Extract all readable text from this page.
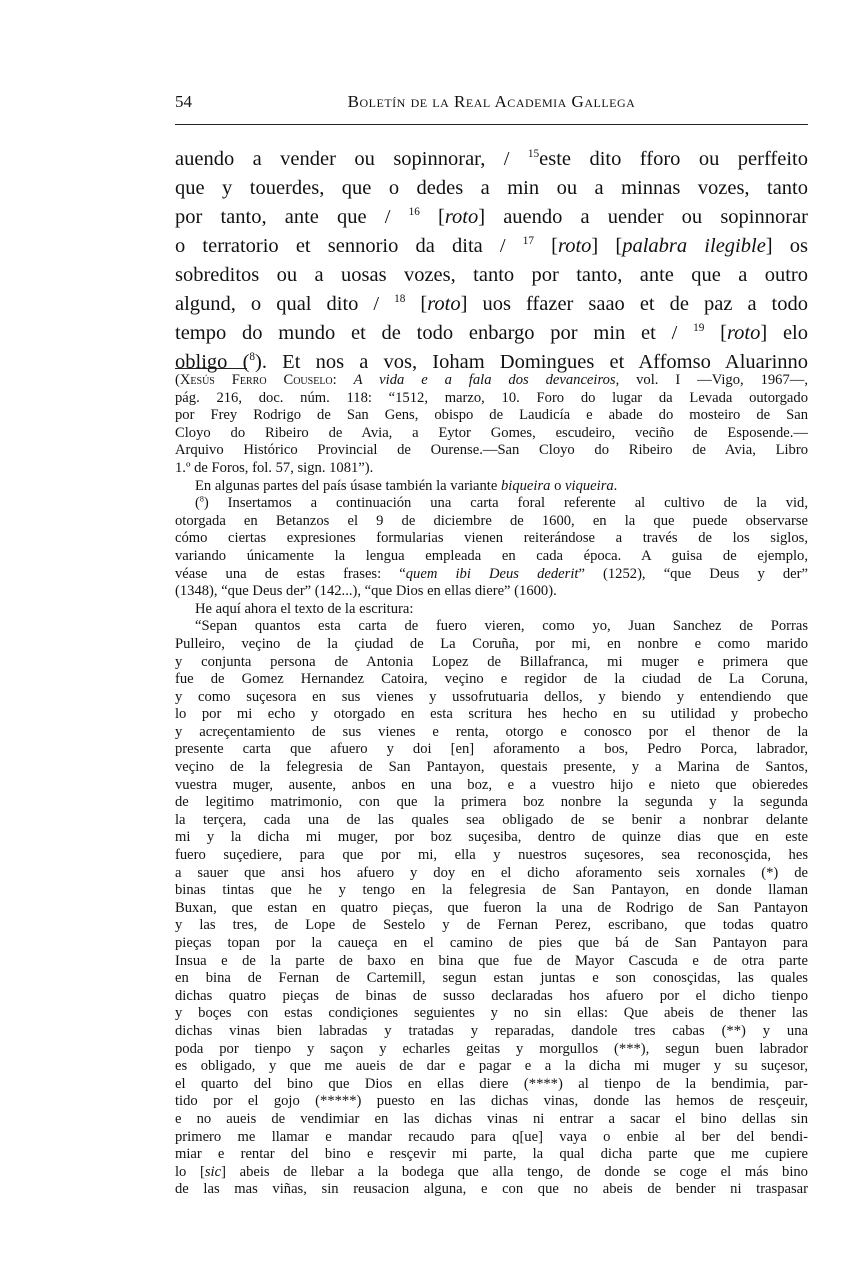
54	Boletín de la Real Academia Gallega
auendo a vender ou sopinnorar, / $^{15}$este dito fforo ou perffeito
que y touerdes, que o dedes a min ou a minnas vozes, tanto
por tanto, ante que / $^{16}$ [roto] auendo a uender ou sopinnorar
o terratorio et sennorio da dita / $^{17}$ [roto] [palabra ilegible] os
sobreditos ou a uosas vozes, tanto por tanto, ante que a outro
algund, o qual dito / $^{18}$ [roto] uos ffazer saao et de paz a todo
tempo do mundo et de todo enbargo por min et / $^{19}$ [roto] elo
obligo ($^8$). Et nos a vos, Ioham Domingues et Affomso Aluarinno
(Xesús Ferro Couselo: A vida e a fala dos devanceiros, vol. I —Vigo, 1967—,
pág. 216, doc. núm. 118: “1512, marzo, 10. Foro do lugar da Levada outorgado
por Frey Rodrigo de San Gens, obispo de Laudicía e abade do mosteiro de San
Cloyo do Ribeiro de Avia, a Eytor Gomes, escudeiro, veciño de Esposende.—
Arquivo Histórico Provincial de Ourense.—San Cloyo do Ribeiro de Avia, Libro
1.º de Foros, fol. 57, sign. 1081”).
En algunas partes del país úsase también la variante biqueira o viqueira.
($^8$) Insertamos a continuación una carta foral referente al cultivo de la vid,
otorgada en Betanzos el 9 de diciembre de 1600, en la que puede observarse
cómo ciertas expresiones formularias vienen reiterándose a través de los siglos,
variando únicamente la lengua empleada en cada época. A guisa de ejemplo,
véase una de estas frases: “quem ibi Deus dederit” (1252), “que Deus y der”
(1348), “que Deus der” (142...), “que Dios en ellas diere” (1600).
He aquí ahora el texto de la escritura:
“Sepan quantos esta carta de fuero vieren, como yo, Juan Sanchez de Porras
Pulleiro, veçino de la çiudad de La Coruña, por mi, en nonbre e como marido
y conjunta persona de Antonia Lopez de Billafranca, mi muger e primera que
fue de Gomez Hernandez Catoira, veçino e regidor de la ciudad de La Coruna,
y como suçesora en sus vienes y ussofrutuaria dellos, y biendo y entendiendo que
lo por mi echo y otorgado en esta scritura hes hecho en su utilidad y probecho
y acreçentamiento de sus vienes e renta, otorgo e conosco por el thenor de la
presente carta que afuero y doi [en] aforamento a bos, Pedro Porca, labrador,
veçino de la felegresia de San Pantayon, questais presente, y a Marina de Santos,
vuestra muger, ausente, anbos en una boz, e a vuestro hijo e nieto que obieredes
de legitimo matrimonio, con que la primera boz nonbre la segunda y la segunda
la terçera, cada una de las quales sea obligado de se benir a nonbrar delante
mi y la dicha mi muger, por boz suçesiba, dentro de quinze dias que en este
fuero suçediere, para que por mi, ella y nuestros suçesores, sea reconosçida, hes
a sauer que ansi hos afuero y doy en el dicho aforamento seis xornales (*) de
binas tintas que he y tengo en la felegresia de San Pantayon, en donde llaman
Buxan, que estan en quatro pieças, que fueron la una de Rodrigo de San Pantayon
y las tres, de Lope de Sestelo y de Fernan Perez, escribano, que todas quatro
pieças topan por la caueça en el camino de pies que bá de San Pantayon para
Insua e de la parte de baxo en bina que fue de Mayor Cascuda e de otra parte
en bina de Fernan de Cartemill, segun estan juntas e son conosçidas, las quales
dichas quatro pieças de binas de susso declaradas hos afuero por el dicho tienpo
y boçes con estas condiçiones seguientes y no sin ellas: Que abeis de thener las
dichas vinas bien labradas y tratadas y reparadas, dandole tres cabas (**) y una
poda por tienpo y saçon y echarles geitas y morgullos (***), segun buen labrador
es obligado, y que me aueis de dar e pagar e a la dicha mi muger y su suçesor,
el quarto del bino que Dios en ellas diere (****) al tienpo de la bendimia, par-
tido por el gojo (*****) puesto en las dichas vinas, donde las hemos de resçeuir,
e no aueis de vendimiar en las dichas vinas ni entrar a sacar el bino dellas sin
primero me llamar e mandar recaudo para q[ue] vaya o enbie al ber del bendi-
miar e rentar del bino e resçevir mi parte, la qual dicha parte que me cupiere
lo [sic] abeis de llebar a la bodega que alla tengo, de donde se coge el más bino
de las mas viñas, sin reusacion alguna, e con que no abeis de bender ni traspasar
